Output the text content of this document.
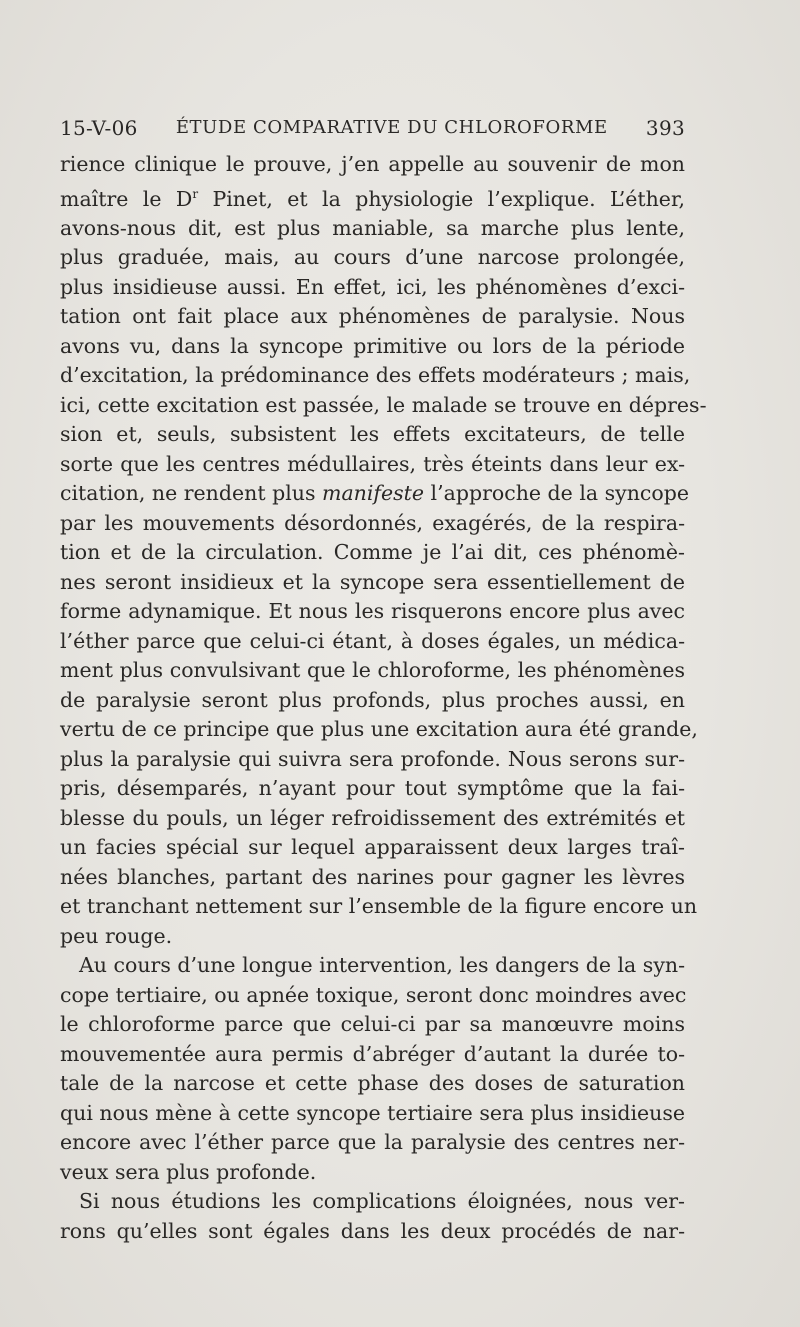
15-V-06	ÉTUDE COMPARATIVE DU CHLOROFORME	393

rience clinique le prouve, j’en appelle au souvenir de mon

maître le $D^r$ Pinet, et la physiologie l’explique. L’éther,

avons-nous dit, est plus maniable, sa marche plus lente,

plus graduée, mais, au cours d’une narcose prolongée,

plus insidieuse aussi. En effet, ici, les phénomènes d’exci-

tation ont fait place aux phénomènes de paralysie. Nous

avons vu, dans la syncope primitive ou lors de la période

d’excitation, la prédominance des effets modérateurs ; mais,

ici, cette excitation est passée, le malade se trouve en dépres-

sion et, seuls, subsistent les effets excitateurs, de telle

sorte que les centres médullaires, très éteints dans leur ex-

citation, ne rendent plus manifeste l’approche de la syncope

par les mouvements désordonnés, exagérés, de la respira-

tion et de la circulation. Comme je l’ai dit, ces phénomè-

nes seront insidieux et la syncope sera essentiellement de

forme adynamique. Et nous les risquerons encore plus avec

l’éther parce que celui-ci étant, à doses égales, un médica-

ment plus convulsivant que le chloroforme, les phénomènes

de paralysie seront plus profonds, plus proches aussi, en

vertu de ce principe que plus une excitation aura été grande,

plus la paralysie qui suivra sera profonde. Nous serons sur-

pris, désemparés, n’ayant pour tout symptôme que la fai-

blesse du pouls, un léger refroidissement des extrémités et

un facies spécial sur lequel apparaissent deux larges traî-

nées blanches, partant des narines pour gagner les lèvres

et tranchant nettement sur l’ensemble de la figure encore un

peu rouge.

Au cours d’une longue intervention, les dangers de la syn-

cope tertiaire, ou apnée toxique, seront donc moindres avec

le chloroforme parce que celui-ci par sa manœuvre moins

mouvementée aura permis d’abréger d’autant la durée to-

tale de la narcose et cette phase des doses de saturation

qui nous mène à cette syncope tertiaire sera plus insidieuse

encore avec l’éther parce que la paralysie des centres ner-

veux sera plus profonde.

Si nous étudions les complications éloignées, nous ver-

rons qu’elles sont égales dans les deux procédés de nar-
